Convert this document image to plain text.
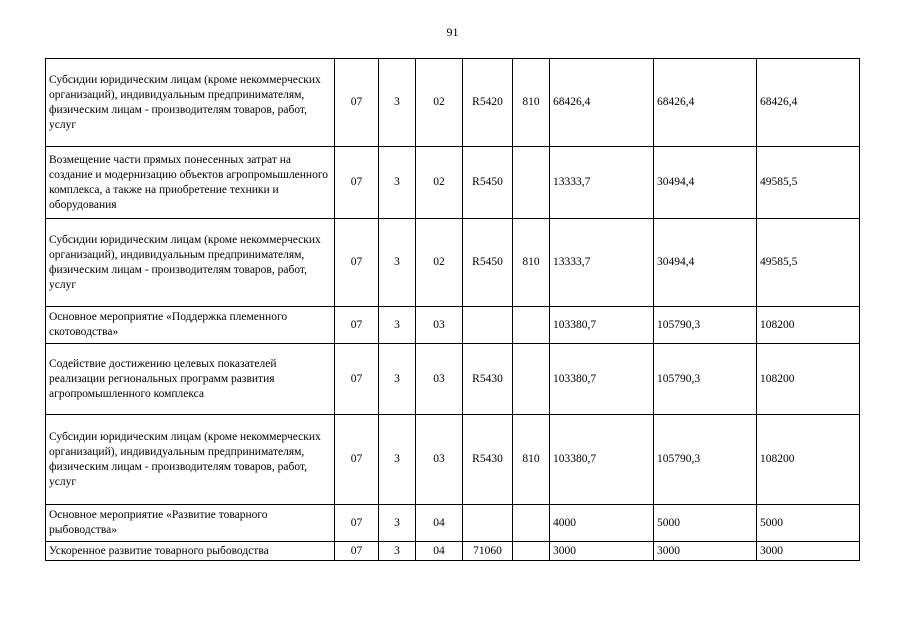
91
Субсидии юридическим лицам (кроме некоммерческих организаций), индивидуальным предпринимателям, физическим лицам - производителям товаров, работ, услуг	07	3	02	R5420	810	68426,4	68426,4	68426,4
Возмещение части прямых понесенных затрат на создание и модернизацию объектов агропромышленного комплекса, а также на приобретение техники и оборудования	07	3	02	R5450		13333,7	30494,4	49585,5
Субсидии юридическим лицам (кроме некоммерческих организаций), индивидуальным предпринимателям, физическим лицам - производителям товаров, работ, услуг	07	3	02	R5450	810	13333,7	30494,4	49585,5
Основное мероприятие «Поддержка племенного скотоводства»	07	3	03			103380,7	105790,3	108200
Содействие достижению целевых показателей реализации региональных программ развития агропромышленного комплекса	07	3	03	R5430		103380,7	105790,3	108200
Субсидии юридическим лицам (кроме некоммерческих организаций), индивидуальным предпринимателям, физическим лицам - производителям товаров, работ, услуг	07	3	03	R5430	810	103380,7	105790,3	108200
Основное мероприятие «Развитие товарного рыбоводства»	07	3	04			4000	5000	5000
Ускоренное развитие товарного рыбоводства	07	3	04	71060		3000	3000	3000
